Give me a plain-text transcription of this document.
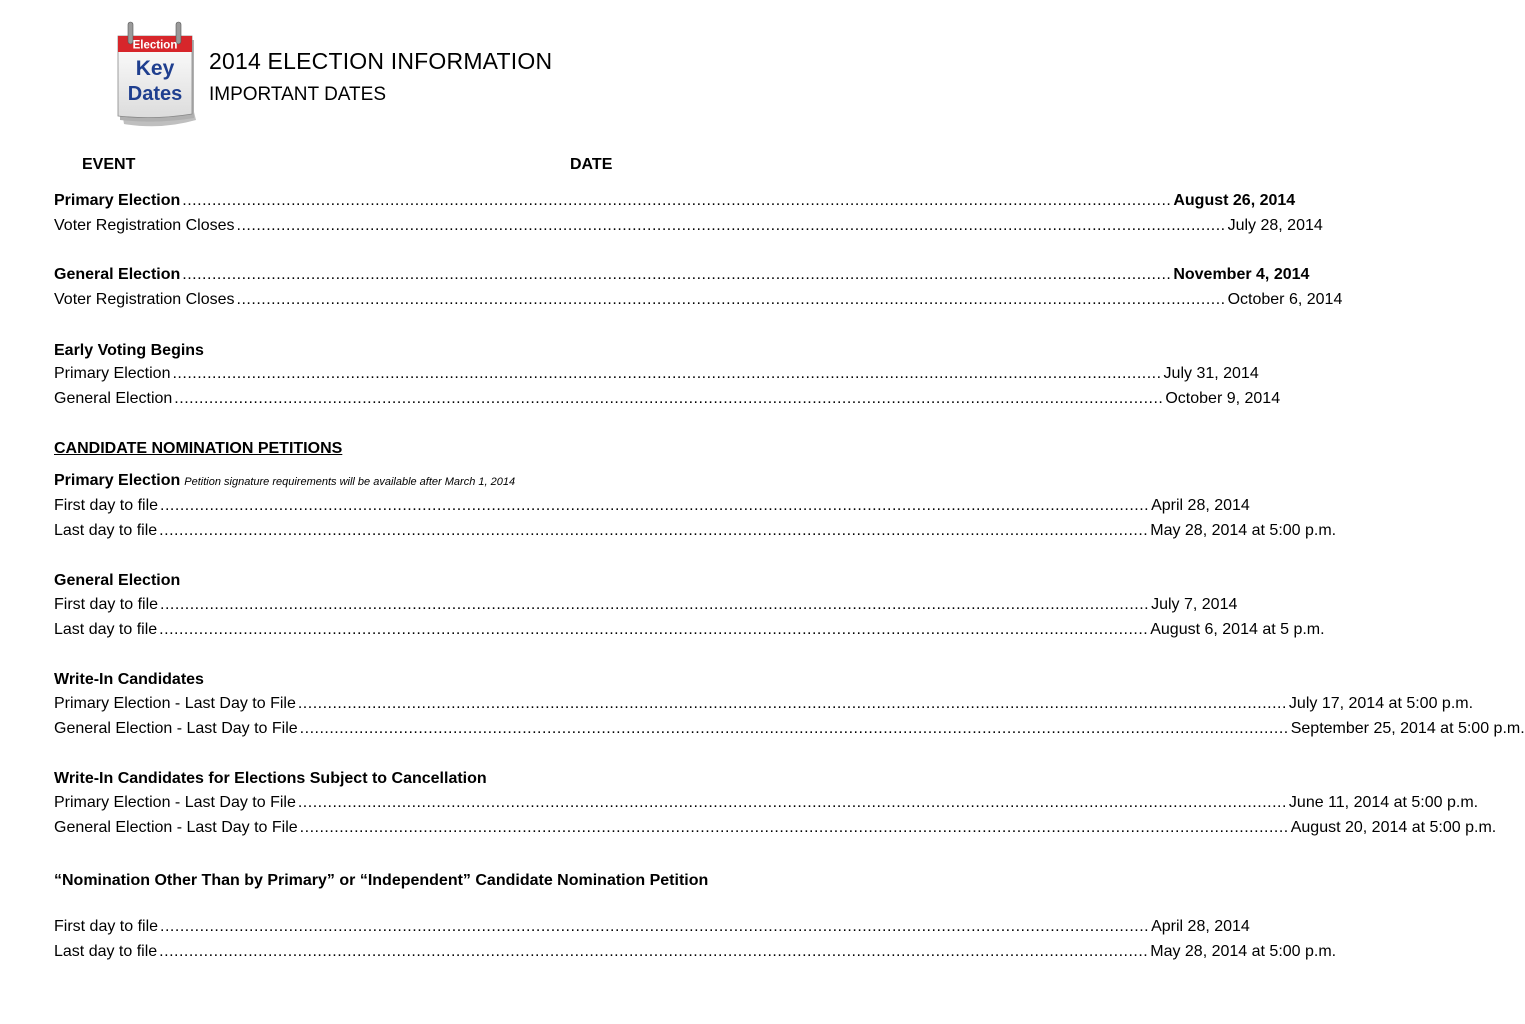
Election
Key
Dates
2014 ELECTION INFORMATION
IMPORTANT DATES
EVENT	DATE
Primary Election ........................................................................................................................................................................................................ August 26, 2014
Voter Registration Closes ........................................................................................................................................................................................................ July 28, 2014
General Election ........................................................................................................................................................................................................ November 4, 2014
Voter Registration Closes ........................................................................................................................................................................................................ October 6, 2014
Early Voting Begins
Primary Election ........................................................................................................................................................................................................ July 31, 2014
General Election ........................................................................................................................................................................................................ October 9, 2014
CANDIDATE NOMINATION PETITIONS
Primary Election Petition signature requirements will be available after March 1, 2014
First day to file ........................................................................................................................................................................................................ April 28, 2014
Last day to file ........................................................................................................................................................................................................ May 28, 2014 at 5:00 p.m.
General Election
First day to file ........................................................................................................................................................................................................ July 7, 2014
Last day to file ........................................................................................................................................................................................................ August 6, 2014 at 5 p.m.
Write-In Candidates
Primary Election - Last Day to File ........................................................................................................................................................................................................ July 17, 2014 at 5:00 p.m.
General Election - Last Day to File ........................................................................................................................................................................................................ September 25, 2014 at 5:00 p.m.
Write-In Candidates for Elections Subject to Cancellation
Primary Election - Last Day to File ........................................................................................................................................................................................................ June 11, 2014 at 5:00 p.m.
General Election - Last Day to File ........................................................................................................................................................................................................ August 20, 2014 at 5:00 p.m.
“Nomination Other Than by Primary” or “Independent” Candidate Nomination Petition
First day to file ........................................................................................................................................................................................................ April 28, 2014
Last day to file ........................................................................................................................................................................................................ May 28, 2014 at 5:00 p.m.
